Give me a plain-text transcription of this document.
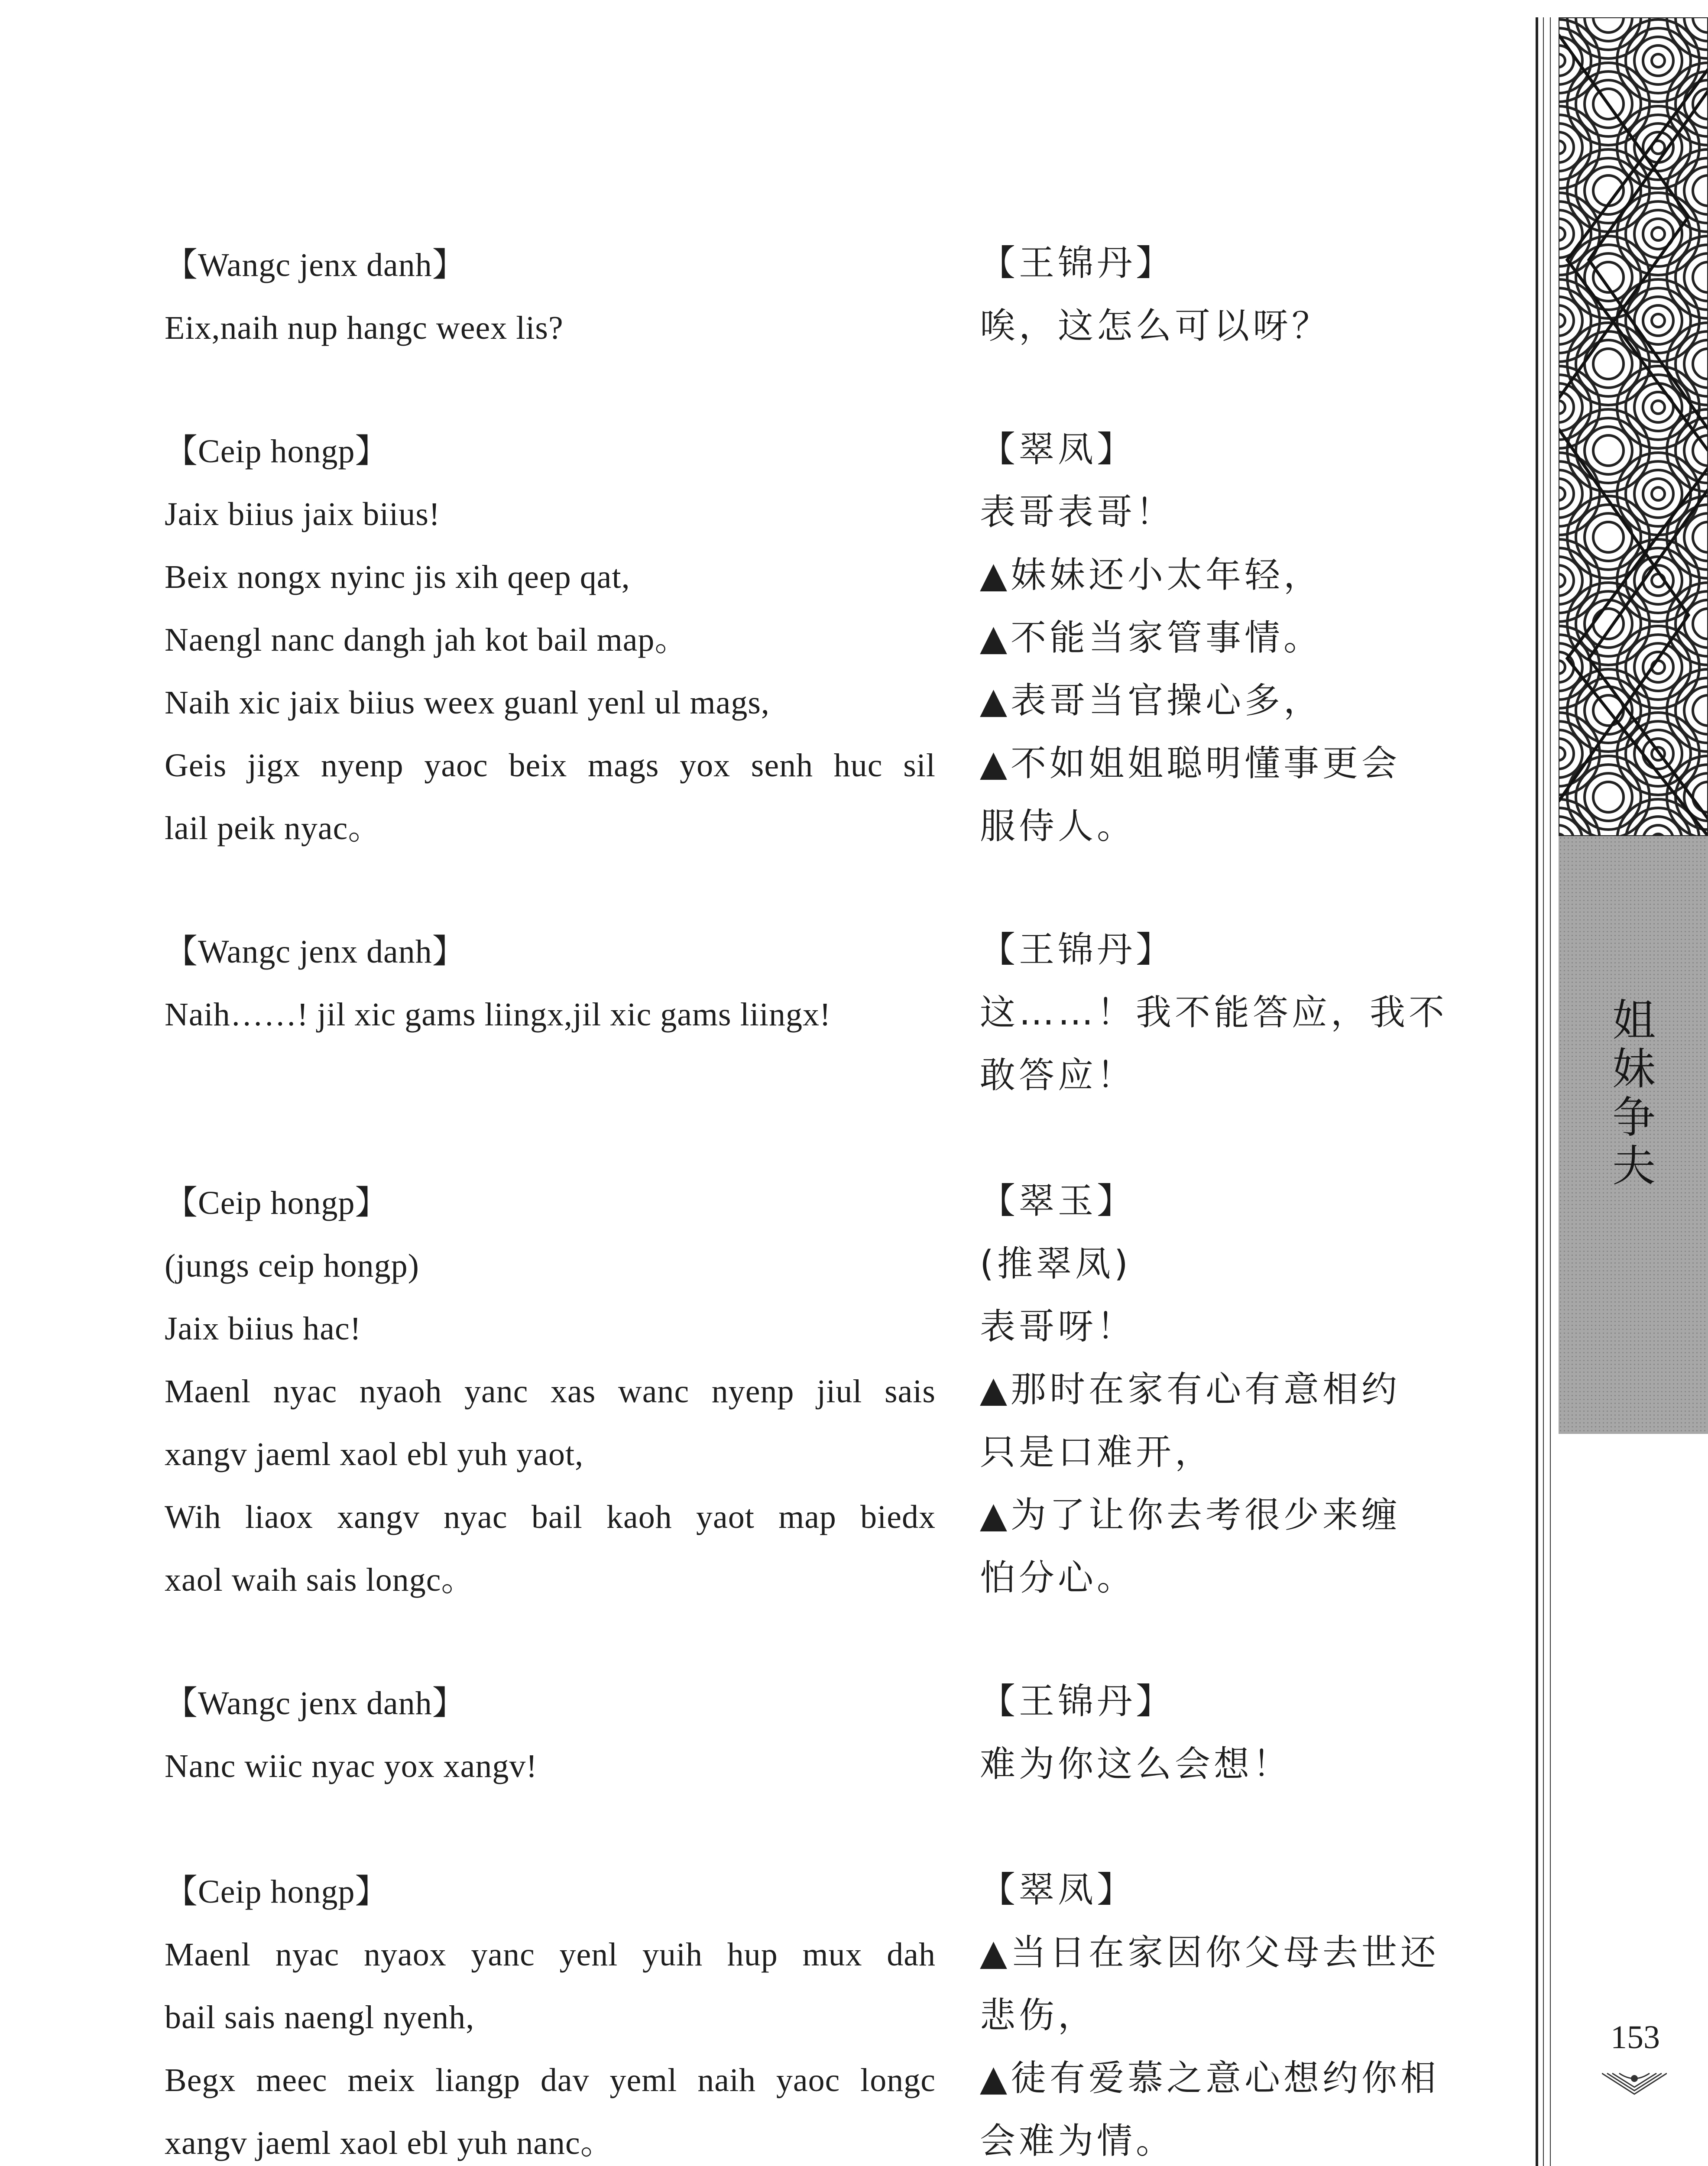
【Wangc jenx danh】
Eix,naih nup hangc weex lis?
【Ceip hongp】
Jaix biius jaix biius!
Beix nongx nyinc jis xih qeep qat,
Naengl nanc dangh jah kot bail map。
Naih xic jaix biius weex guanl yenl ul mags,
Geis jigx nyenp yaoc beix mags yox senh huc sil
lail peik nyac。
【Wangc jenx danh】
Naih……! jil xic gams liingx,jil xic gams liingx!
【Ceip hongp】
(jungs ceip hongp)
Jaix biius hac!
Maenl nyac nyaoh yanc xas wanc nyenp jiul sais
xangv jaeml xaol ebl yuh yaot,
Wih liaox xangv nyac bail kaoh yaot map biedx
xaol waih sais longc。
【Wangc jenx danh】
Nanc wiic nyac yox xangv!
【Ceip hongp】
Maenl nyac nyaox yanc yenl yuih hup mux dah
bail sais naengl nyenh,
Begx meec meix liangp dav yeml naih yaoc longc
xangv jaeml xaol ebl yuh nanc。
【王锦丹】
唉，这怎么可以呀？
【翠凤】
表哥表哥！
▲妹妹还小太年轻，
▲不能当家管事情。
▲表哥当官操心多，
▲不如姐姐聪明懂事更会
服侍人。
【王锦丹】
这……！我不能答应，我不
敢答应！
【翠玉】
(推翠凤)
表哥呀！
▲那时在家有心有意相约
只是口难开，
▲为了让你去考很少来缠
怕分心。
【王锦丹】
难为你这么会想！
【翠凤】
▲当日在家因你父母去世还
悲伤，
▲徒有爱慕之意心想约你相
会难为情。
姐
妹
争
夫
153
